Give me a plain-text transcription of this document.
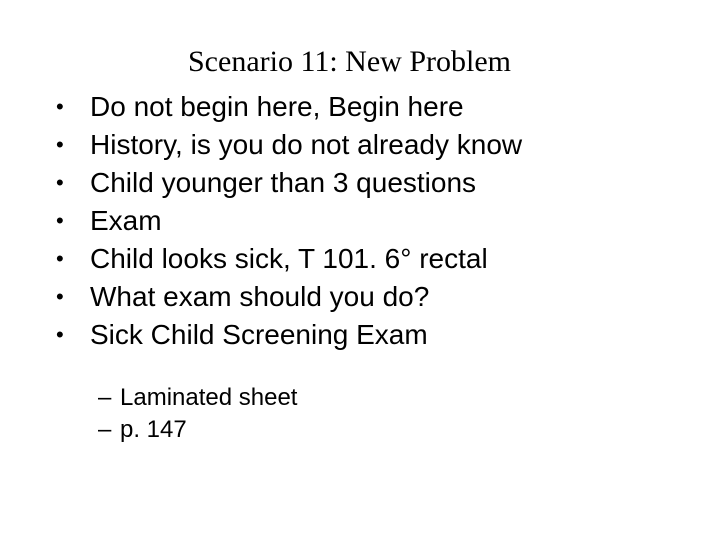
Scenario 11: New Problem
• Do not begin here, Begin here
• History, is you do not already know
• Child younger than 3 questions
• Exam
• Child looks sick, T 101. 6° rectal
• What exam should you do?
• Sick Child Screening Exam
– Laminated sheet
– p. 147
